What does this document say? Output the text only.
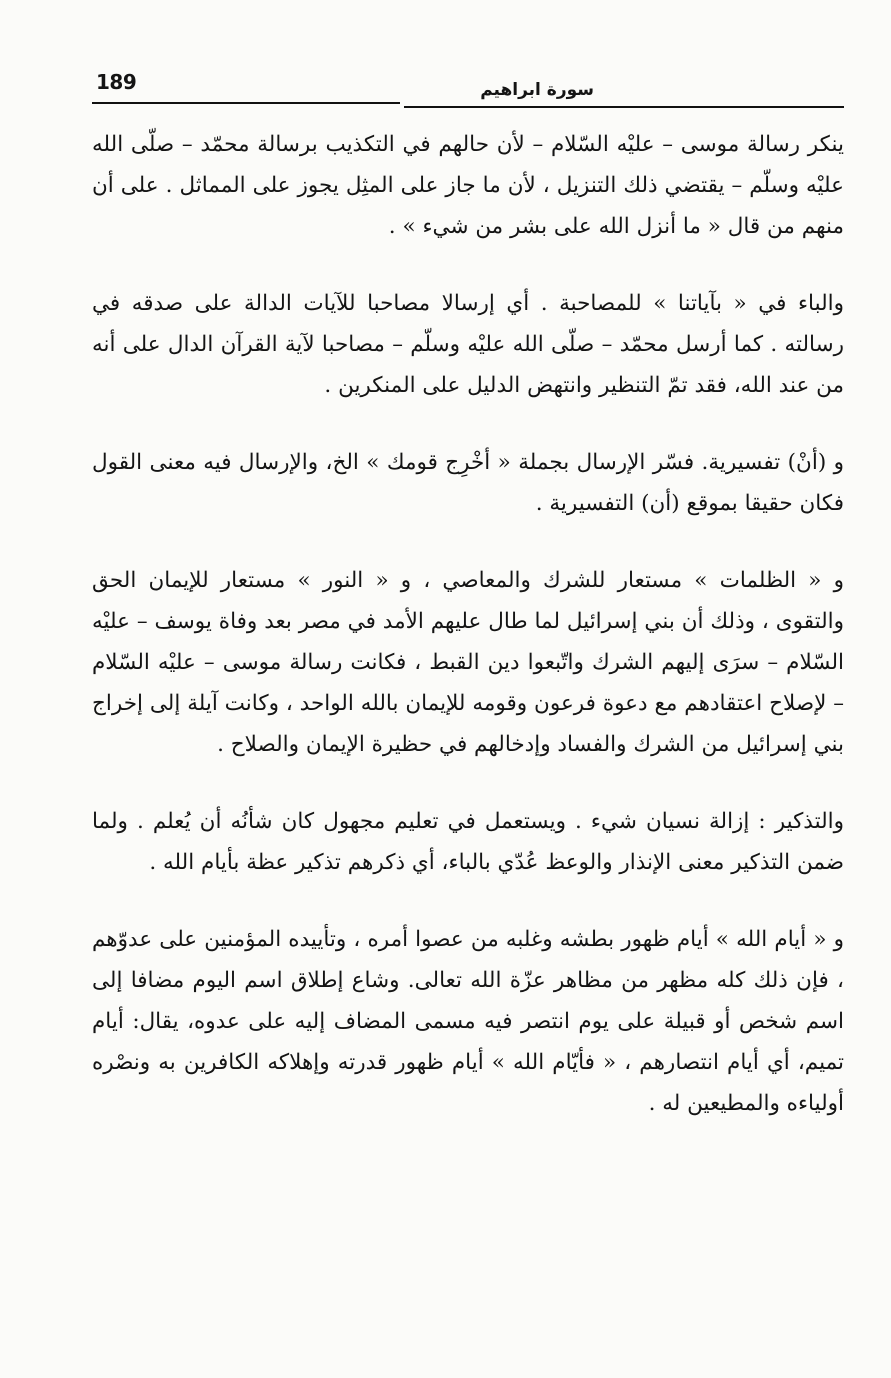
189	سورة ابراهيم

ينكر رسالة موسى – عليْه السّلام – لأن حالهم في التكذيب برسالة محمّد – صلّى الله عليْه وسلّم – يقتضي ذلك التنزيل ، لأن ما جاز على المثِل يجوز على المماثل . على أن منهم من قال « ما أنزل الله على بشر من شيء » .

والباء في « بآياتنا » للمصاحبة . أي إرسالا مصاحبا للآيات الدالة على صدقه في رسالته . كما أرسل محمّد – صلّى الله عليْه وسلّم – مصاحبا لآية القرآن الدال على أنه من عند الله، فقد تمّ التنظير وانتهض الدليل على المنكرين .

و (أنْ) تفسيرية. فسّر الإرسال بجملة « أخْرِج قومك » الخ، والإرسال فيه معنى القول فكان حقيقا بموقع (أن) التفسيرية .

و « الظلمات » مستعار للشرك والمعاصي ، و « النور » مستعار للإيمان الحق والتقوى ، وذلك أن بني إسرائيل لما طال عليهم الأمد في مصر بعد وفاة يوسف – عليْه السّلام – سرَى إليهم الشرك واتّبعوا دين القبط ، فكانت رسالة موسى – عليْه السّلام – لإصلاح اعتقادهم مع دعوة فرعون وقومه للإيمان بالله الواحد ، وكانت آيلة إلى إخراج بني إسرائيل من الشرك والفساد وإدخالهم في حظيرة الإيمان والصلاح .

والتذكير : إزالة نسيان شيء . ويستعمل في تعليم مجهول كان شأنُه أن يُعلم . ولما ضمن التذكير معنى الإنذار والوعظ عُدّي بالباء، أي ذكرهم تذكير عظة بأيام الله .

و « أيام الله » أيام ظهور بطشه وغلبه من عصوا أمره ، وتأييده المؤمنين على عدوّهم ، فإن ذلك كله مظهر من مظاهر عزّة الله تعالى. وشاع إطلاق اسم اليوم مضافا إلى اسم شخص أو قبيلة على يوم انتصر فيه مسمى المضاف إليه على عدوه، يقال: أيام تميم، أي أيام انتصارهم ، « فأيّام الله » أيام ظهور قدرته وإهلاكه الكافرين به ونصْره أولياءه والمطيعين له .
